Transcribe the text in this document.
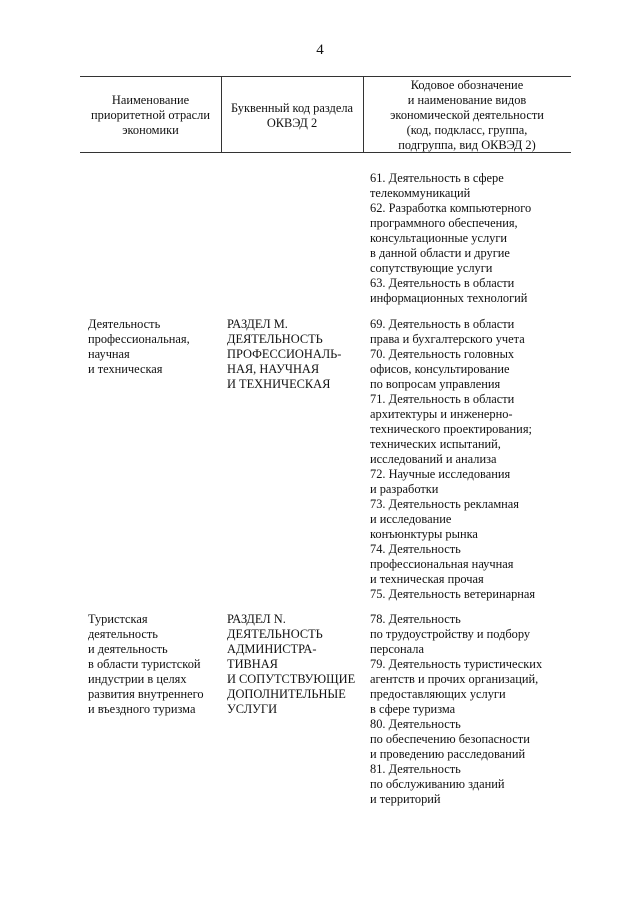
4
Наименование
приоритетной отрасли
экономики
Буквенный код раздела
ОКВЭД 2
Кодовое обозначение
и наименование видов
экономической деятельности
(код, подкласс, группа,
подгруппа, вид ОКВЭД 2)
61. Деятельность в сфере
телекоммуникаций
62. Разработка компьютерного
программного обеспечения,
консультационные услуги
в данной области и другие
сопутствующие услуги
63. Деятельность в области
информационных технологий
Деятельность
профессиональная,
научная
и техническая
РАЗДЕЛ М.
ДЕЯТЕЛЬНОСТЬ
ПРОФЕССИОНАЛЬ-
НАЯ, НАУЧНАЯ
И ТЕХНИЧЕСКАЯ
69. Деятельность в области
права и бухгалтерского учета
70. Деятельность головных
офисов, консультирование
по вопросам управления
71. Деятельность в области
архитектуры и инженерно-
технического проектирования;
технических испытаний,
исследований и анализа
72. Научные исследования
и разработки
73. Деятельность рекламная
и исследование
конъюнктуры рынка
74. Деятельность
профессиональная научная
и техническая прочая
75. Деятельность ветеринарная
Туристская
деятельность
и деятельность
в области туристской
индустрии в целях
развития внутреннего
и въездного туризма
РАЗДЕЛ N.
ДЕЯТЕЛЬНОСТЬ
АДМИНИСТРА-
ТИВНАЯ
И СОПУТСТВУЮЩИЕ
ДОПОЛНИТЕЛЬНЫЕ
УСЛУГИ
78. Деятельность
по трудоустройству и подбору
персонала
79. Деятельность туристических
агентств и прочих организаций,
предоставляющих услуги
в сфере туризма
80. Деятельность
по обеспечению безопасности
и проведению расследований
81. Деятельность
по обслуживанию зданий
и территорий
